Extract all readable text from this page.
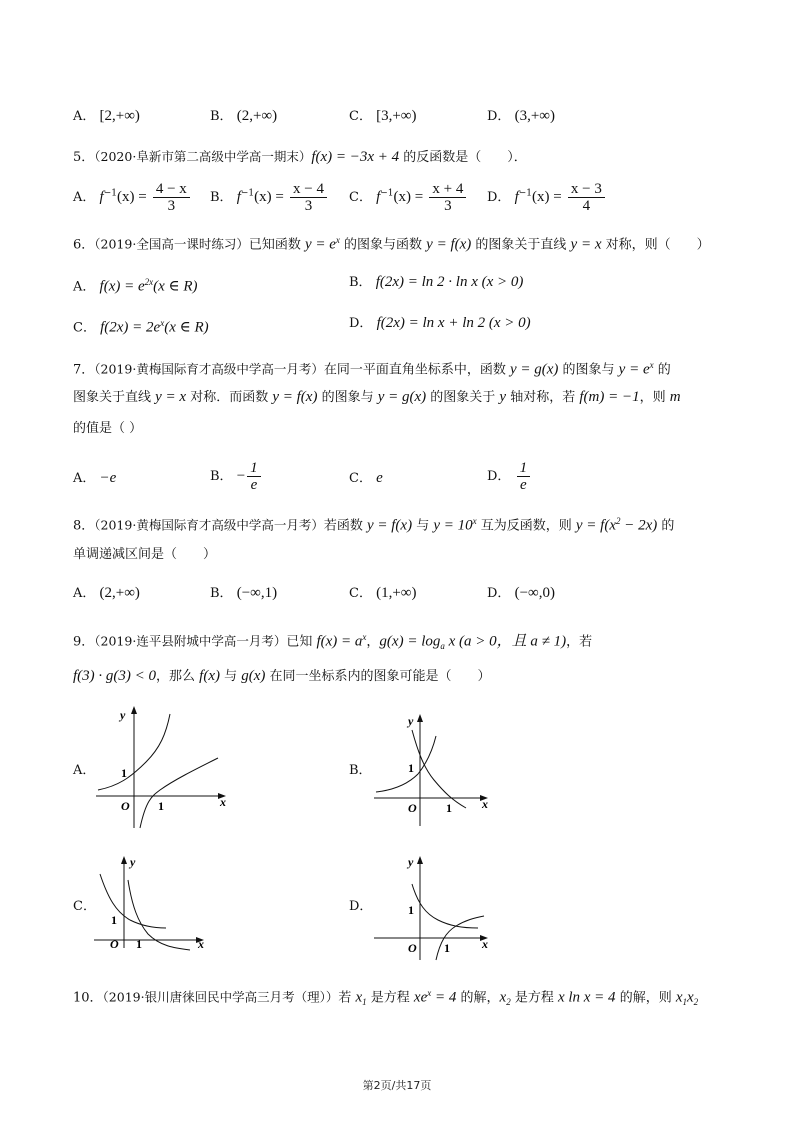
A． [2,+∞)	B． (2,+∞)	C． [3,+∞)	D． (3,+∞)
5．（2020·阜新市第二高级中学高一期末）f(x) = −3x + 4 的反函数是（　　）．
A． $f^{-1}(x) = \frac{4 - x}{3}$ B． $f^{-1}(x) = \frac{x - 4}{3}$ C． $f^{-1}(x) = \frac{x + 4}{3}$ D． $f^{-1}(x) = \frac{x - 3}{4}$
6．（2019·全国高一课时练习）已知函数 $y = e^x$ 的图象与函数 y = f(x) 的图象关于直线 y = x 对称，则（　　）
A． $f(x) = e^{2x}(x$ ∈ R)	B． f(2x) = ln 2 · ln x (x > 0)
C． $f(2x) = 2e^x(x$ ∈ R)	D． f(2x) = ln x + ln 2 (x > 0)
7．（2019·黄梅国际育才高级中学高一月考）在同一平面直角坐标系中，函数 y = g(x) 的图象与 $y = e^x$ 的
图象关于直线 y = x 对称．而函数 y = f(x) 的图象与 y = g(x) 的图象关于 y 轴对称，若 f(m) = −1，则 m
的值是（ ）
A． −e	B． − $\frac{1}{e}$	C． e	D． $\frac{1}{e}$
8．（2019·黄梅国际育才高级中学高一月考）若函数 y = f(x) 与 $y = 10^x$ 互为反函数，则 $y = f(x^2 - 2x)$ 的
单调递减区间是（　　）
A． (2,+∞)	B． (−∞,1)	C． (1,+∞)	D． (−∞,0)
9．（2019·连平县附城中学高一月考）已知 $f(x) = a^x$，$g(x) = \log_a x$ (a > 0，且 a ≠ 1)，若
f(3) · g(3) < 0，那么 f(x) 与 g(x) 在同一坐标系内的图象可能是（　　）
A．
y
x
O
1
1
B．
y
x
O
1
1
C．
y
x
O
1
1
D．
y
x
O
1
1
10．（2019·银川唐徕回民中学高三月考（理））若 $x_1$ 是方程 $xe^x = 4$ 的解，$x_2$ 是方程 x ln x = 4 的解，则 $x_1x_2$
第2页/共17页
